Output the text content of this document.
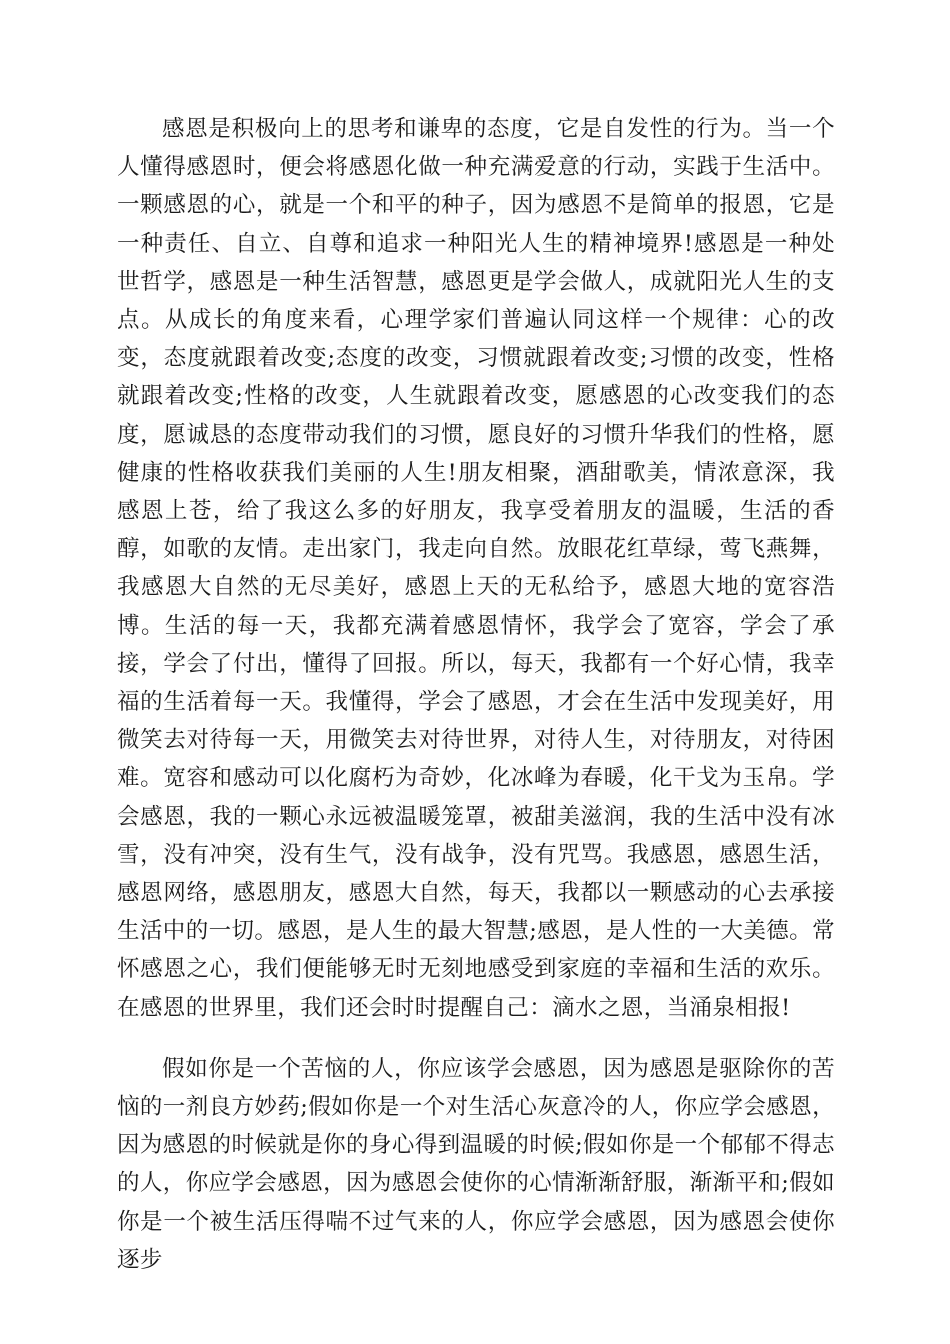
感恩是积极向上的思考和谦卑的态度，它是自发性的行为。当一个人懂得感恩时，便会将感恩化做一种充满爱意的行动，实践于生活中。一颗感恩的心，就是一个和平的种子，因为感恩不是简单的报恩，它是一种责任、自立、自尊和追求一种阳光人生的精神境界!感恩是一种处世哲学，感恩是一种生活智慧，感恩更是学会做人，成就阳光人生的支点。从成长的角度来看，心理学家们普遍认同这样一个规律：心的改变，态度就跟着改变;态度的改变，习惯就跟着改变;习惯的改变，性格就跟着改变;性格的改变，人生就跟着改变，愿感恩的心改变我们的态度，愿诚恳的态度带动我们的习惯，愿良好的习惯升华我们的性格，愿健康的性格收获我们美丽的人生!朋友相聚，酒甜歌美，情浓意深，我感恩上苍，给了我这么多的好朋友，我享受着朋友的温暖，生活的香醇，如歌的友情。走出家门，我走向自然。放眼花红草绿，莺飞燕舞，我感恩大自然的无尽美好，感恩上天的无私给予，感恩大地的宽容浩博。生活的每一天，我都充满着感恩情怀，我学会了宽容，学会了承接，学会了付出，懂得了回报。所以，每天，我都有一个好心情，我幸福的生活着每一天。我懂得，学会了感恩，才会在生活中发现美好，用微笑去对待每一天，用微笑去对待世界，对待人生，对待朋友，对待困难。宽容和感动可以化腐朽为奇妙，化冰峰为春暖，化干戈为玉帛。学会感恩，我的一颗心永远被温暖笼罩，被甜美滋润，我的生活中没有冰雪，没有冲突，没有生气，没有战争，没有咒骂。我感恩，感恩生活，感恩网络，感恩朋友，感恩大自然，每天，我都以一颗感动的心去承接生活中的一切。感恩，是人生的最大智慧;感恩，是人性的一大美德。常怀感恩之心，我们便能够无时无刻地感受到家庭的幸福和生活的欢乐。在感恩的世界里，我们还会时时提醒自己：滴水之恩，当涌泉相报!

假如你是一个苦恼的人，你应该学会感恩，因为感恩是驱除你的苦恼的一剂良方妙药;假如你是一个对生活心灰意冷的人，你应学会感恩，因为感恩的时候就是你的身心得到温暖的时候;假如你是一个郁郁不得志的人，你应学会感恩，因为感恩会使你的心情渐渐舒服，渐渐平和;假如你是一个被生活压得喘不过气来的人，你应学会感恩，因为感恩会使你逐步
